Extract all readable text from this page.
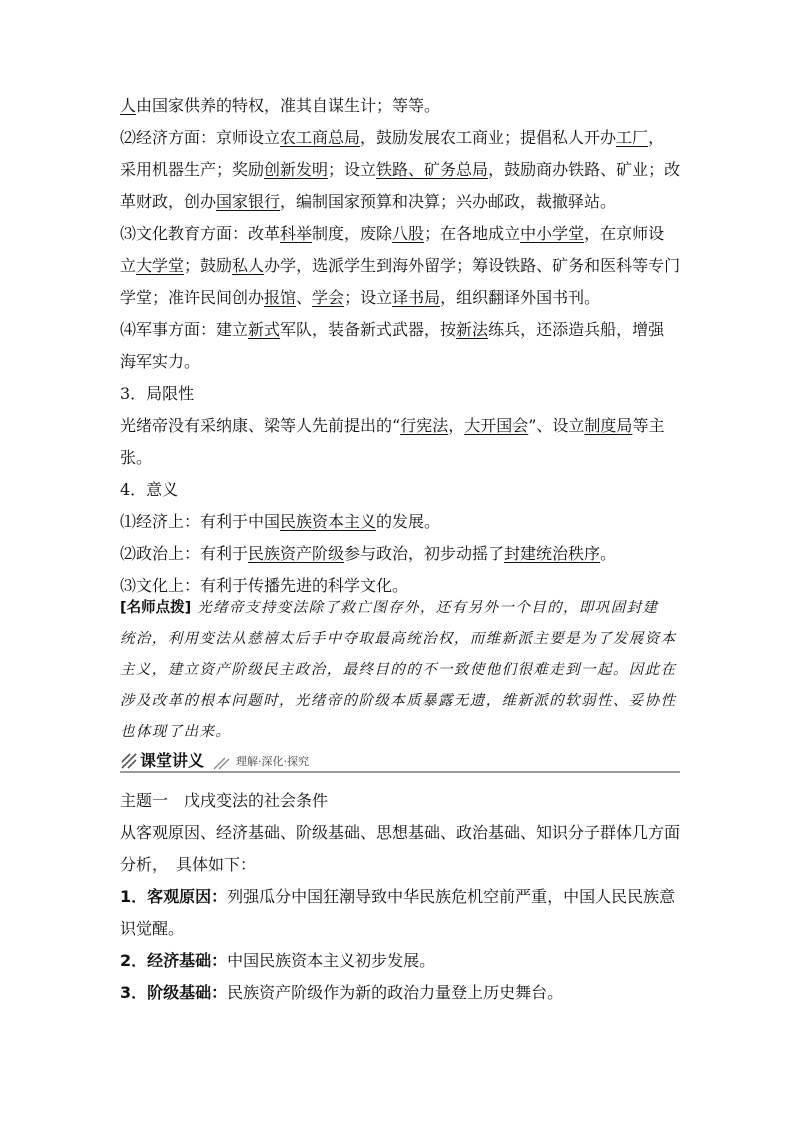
人由国家供养的特权，准其自谋生计；等等。
⑵经济方面：京师设立农工商总局，鼓励发展农工商业；提倡私人开办工厂，
采用机器生产；奖励创新发明；设立铁路、矿务总局，鼓励商办铁路、矿业；改
革财政，创办国家银行，编制国家预算和决算；兴办邮政，裁撤驿站。
⑶文化教育方面：改革科举制度，废除八股；在各地成立中小学堂，在京师设
立大学堂；鼓励私人办学，选派学生到海外留学；筹设铁路、矿务和医科等专门
学堂；准许民间创办报馆、学会；设立译书局，组织翻译外国书刊。
⑷军事方面：建立新式军队，装备新式武器，按新法练兵，还添造兵船，增强
海军实力。
3．局限性
光绪帝没有采纳康、梁等人先前提出的“行宪法，大开国会”、设立制度局等主
张。
4．意义
⑴经济上：有利于中国民族资本主义的发展。
⑵政治上：有利于民族资产阶级参与政治，初步动摇了封建统治秩序。
⑶文化上：有利于传播先进的科学文化。
[名师点拨] 光绪帝支持变法除了救亡图存外，还有另外一个目的，即巩固封建
统治，利用变法从慈禧太后手中夺取最高统治权，而维新派主要是为了发展资本
主义，建立资产阶级民主政治，最终目的的不一致使他们很难走到一起。因此在
涉及改革的根本问题时，光绪帝的阶级本质暴露无遗，维新派的软弱性、妥协性
也体现了出来。
课堂讲义	理解·深化·探究
主题一　戊戌变法的社会条件
从客观原因、经济基础、阶级基础、思想基础、政治基础、知识分子群体几方面
分析，　具体如下：
1．客观原因：列强瓜分中国狂潮导致中华民族危机空前严重，中国人民民族意
识觉醒。
2．经济基础：中国民族资本主义初步发展。
3．阶级基础：民族资产阶级作为新的政治力量登上历史舞台。
